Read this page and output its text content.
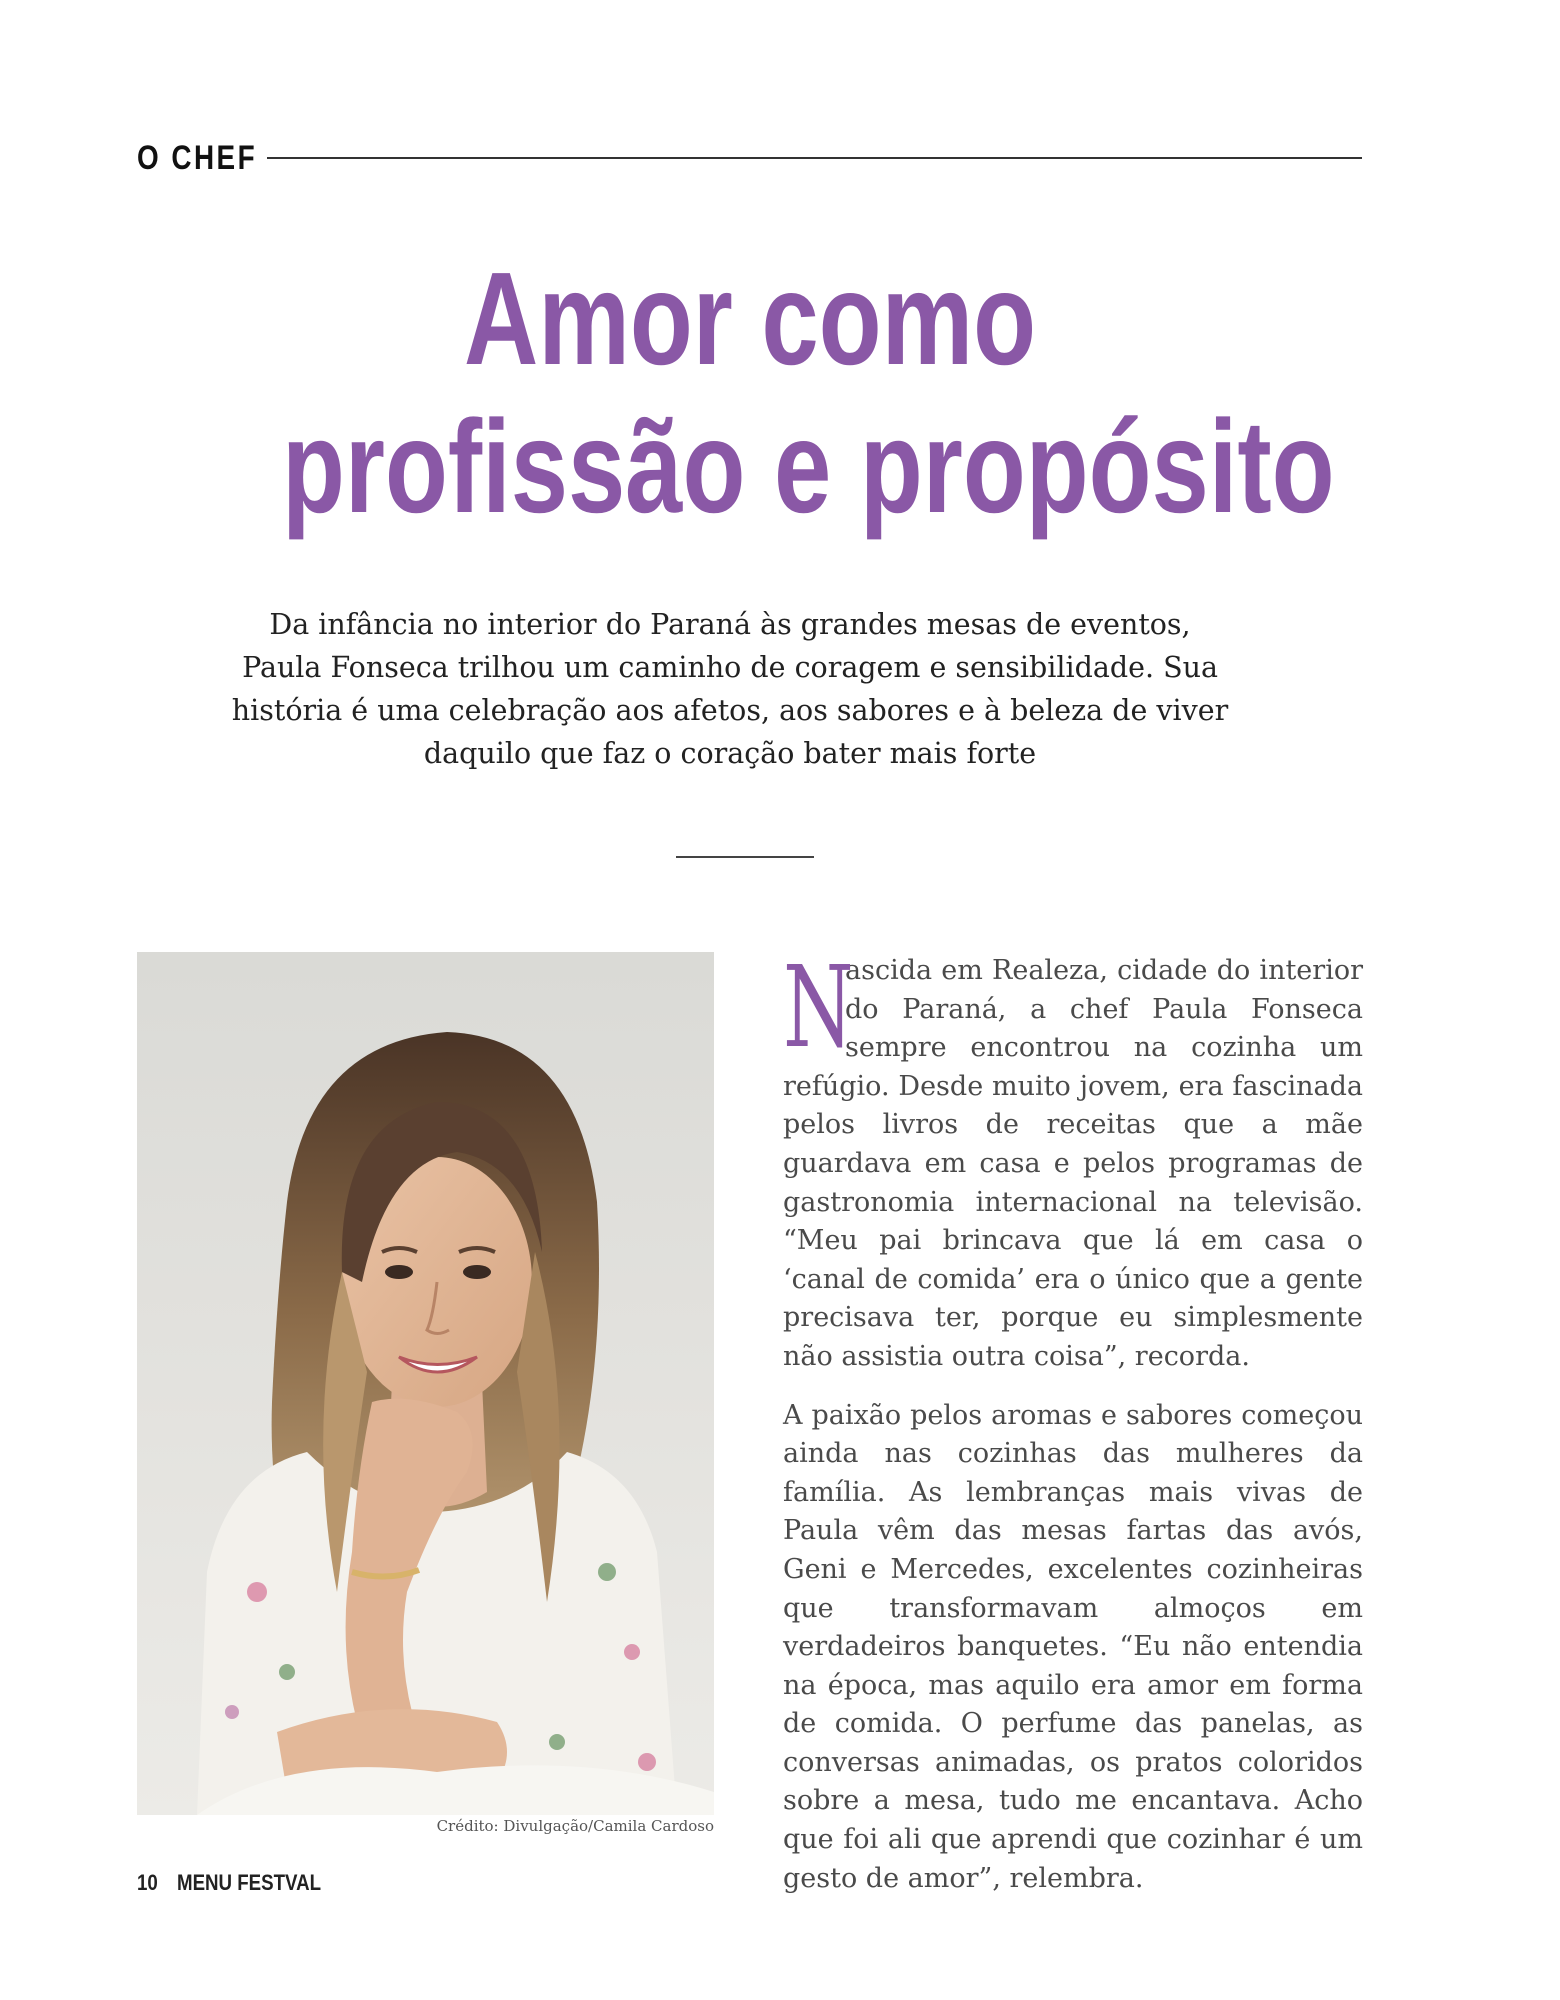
O CHEF
Amor como
profissão e propósito

Da infância no interior do Paraná às grandes mesas de eventos, Paula Fonseca trilhou um caminho de coragem e sensibilidade. Sua história é uma celebração aos afetos, aos sabores e à beleza de viver daquilo que faz o coração bater mais forte

Crédito: Divulgação/Camila Cardoso

N
ascida em Realeza, cidade do interior do Paraná, a chef Paula Fonseca sempre encontrou na cozinha um refúgio. Desde muito jovem, era fascinada pelos livros de receitas que a mãe guardava em casa e pelos programas de gastronomia internacional na televisão. “Meu pai brincava que lá em casa o ‘canal de comida’ era o único que a gente precisava ter, porque eu simplesmente não assistia outra coisa”, recorda.

A paixão pelos aromas e sabores começou ainda nas cozinhas das mulheres da família. As lembranças mais vivas de Paula vêm das mesas fartas das avós, Geni e Mercedes, excelentes cozinheiras que transformavam almoços em verdadeiros banquetes. “Eu não entendia na época, mas aquilo era amor em forma de comida. O perfume das panelas, as conversas animadas, os pratos coloridos sobre a mesa, tudo me encantava. Acho que foi ali que aprendi que cozinhar é um gesto de amor”, relembra.

10 MENU FESTVAL
